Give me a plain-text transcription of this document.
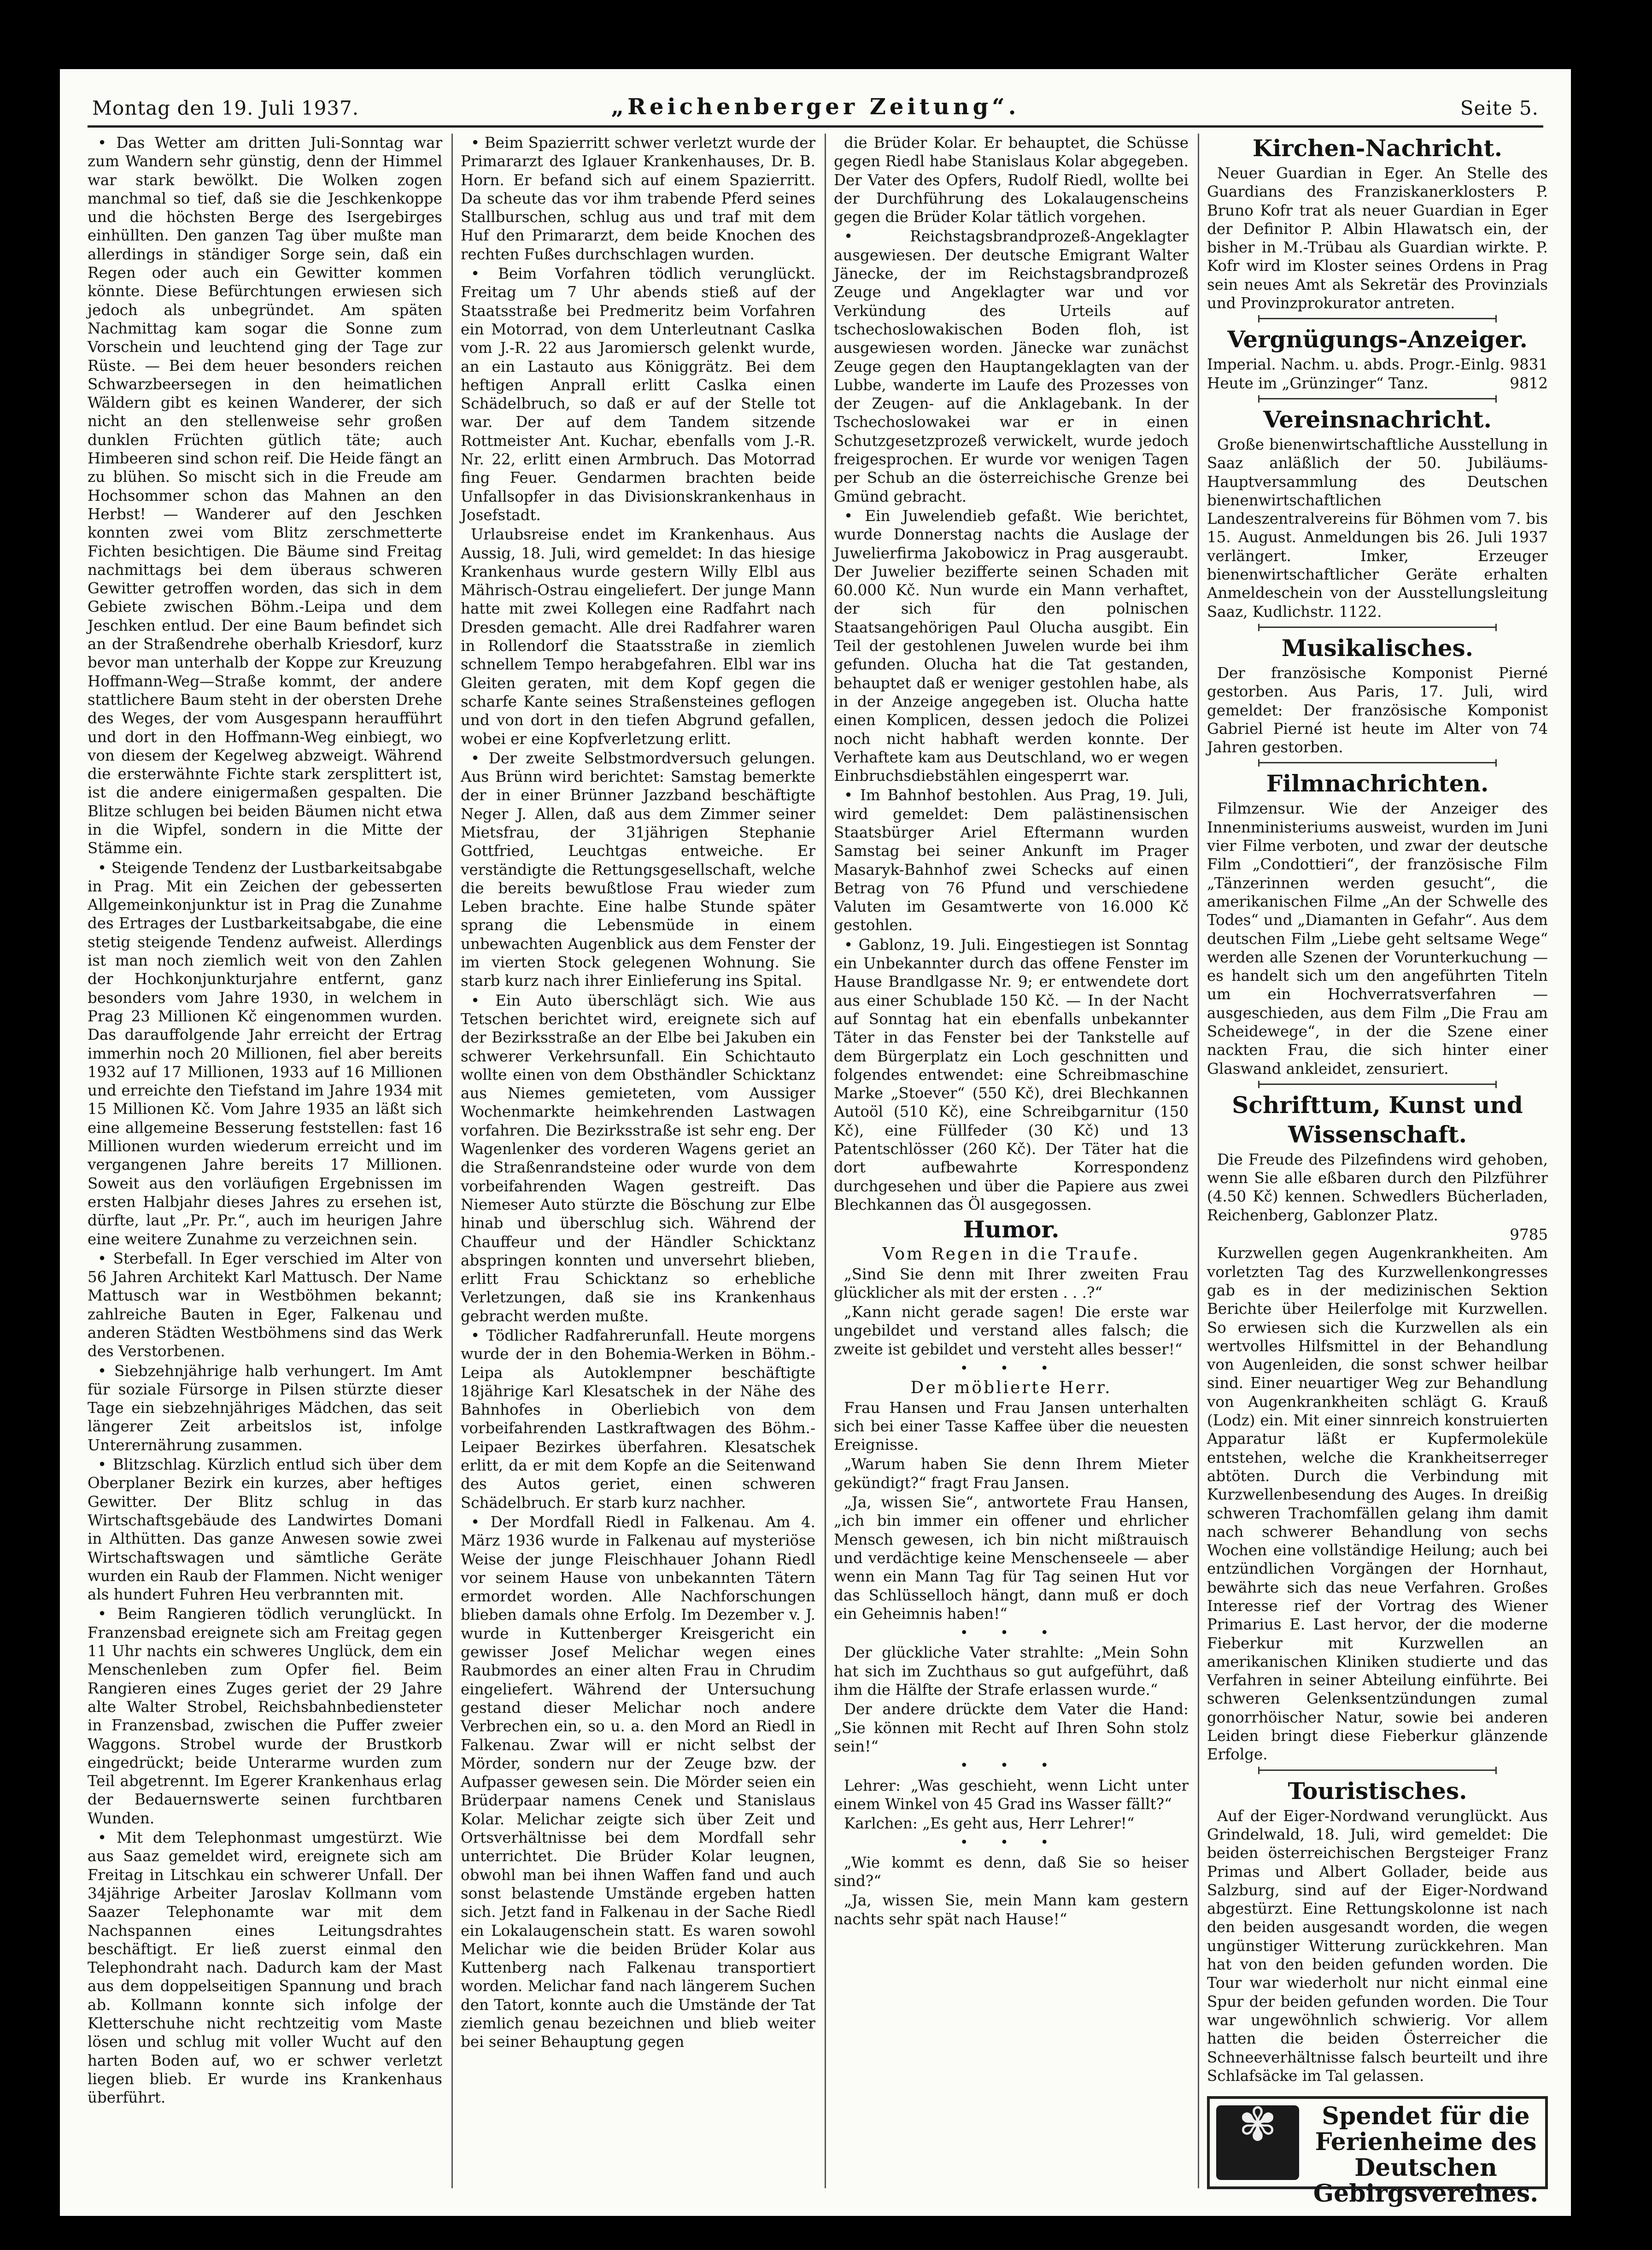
Montag den 19. Juli 1937.	„Reichenberger Zeitung“.	Seite 5.

• Das Wetter am dritten Juli-Sonntag war zum Wandern sehr günstig, denn der Himmel war stark bewölkt. Die Wolken zogen manchmal so tief, daß sie die Jeschkenkoppe und die höchsten Berge des Isergebirges einhüllten. Den ganzen Tag über mußte man allerdings in ständiger Sorge sein, daß ein Regen oder auch ein Gewitter kommen könnte. Diese Befürchtungen erwiesen sich jedoch als unbegründet. Am späten Nachmittag kam sogar die Sonne zum Vorschein und leuchtend ging der Tage zur Rüste. — Bei dem heuer besonders reichen Schwarzbeersegen in den heimatlichen Wäldern gibt es keinen Wanderer, der sich nicht an den stellenweise sehr großen dunklen Früchten gütlich täte; auch Himbeeren sind schon reif. Die Heide fängt an zu blühen. So mischt sich in die Freude am Hochsommer schon das Mahnen an den Herbst! — Wanderer auf den Jeschken konnten zwei vom Blitz zerschmetterte Fichten besichtigen. Die Bäume sind Freitag nachmittags bei dem überaus schweren Gewitter getroffen worden, das sich in dem Gebiete zwischen Böhm.-Leipa und dem Jeschken entlud. Der eine Baum befindet sich an der Straßendrehe oberhalb Kriesdorf, kurz bevor man unterhalb der Koppe zur Kreuzung Hoffmann-Weg—Straße kommt, der andere stattlichere Baum steht in der obersten Drehe des Weges, der vom Ausgespann heraufführt und dort in den Hoffmann-Weg einbiegt, wo von diesem der Kegelweg abzweigt. Während die ersterwähnte Fichte stark zersplittert ist, ist die andere einigermaßen gespalten. Die Blitze schlugen bei beiden Bäumen nicht etwa in die Wipfel, sondern in die Mitte der Stämme ein.

• Steigende Tendenz der Lustbarkeitsabgabe in Prag. Mit ein Zeichen der gebesserten Allgemeinkonjunktur ist in Prag die Zunahme des Ertrages der Lustbarkeitsabgabe, die eine stetig steigende Tendenz aufweist. Allerdings ist man noch ziemlich weit von den Zahlen der Hochkonjunkturjahre entfernt, ganz besonders vom Jahre 1930, in welchem in Prag 23 Millionen Kč eingenommen wurden. Das darauffolgende Jahr erreicht der Ertrag immerhin noch 20 Millionen, fiel aber bereits 1932 auf 17 Millionen, 1933 auf 16 Millionen und erreichte den Tiefstand im Jahre 1934 mit 15 Millionen Kč. Vom Jahre 1935 an läßt sich eine allgemeine Besserung feststellen: fast 16 Millionen wurden wiederum erreicht und im vergangenen Jahre bereits 17 Millionen. Soweit aus den vorläufigen Ergebnissen im ersten Halbjahr dieses Jahres zu ersehen ist, dürfte, laut „Pr. Pr.“, auch im heurigen Jahre eine weitere Zunahme zu verzeichnen sein.

• Sterbefall. In Eger verschied im Alter von 56 Jahren Architekt Karl Mattusch. Der Name Mattusch war in Westböhmen bekannt; zahlreiche Bauten in Eger, Falkenau und anderen Städten Westböhmens sind das Werk des Verstorbenen.

• Siebzehnjährige halb verhungert. Im Amt für soziale Fürsorge in Pilsen stürzte dieser Tage ein siebzehnjähriges Mädchen, das seit längerer Zeit arbeitslos ist, infolge Unterernährung zusammen.

• Blitzschlag. Kürzlich entlud sich über dem Oberplaner Bezirk ein kurzes, aber heftiges Gewitter. Der Blitz schlug in das Wirtschaftsgebäude des Landwirtes Domani in Althütten. Das ganze Anwesen sowie zwei Wirtschaftswagen und sämtliche Geräte wurden ein Raub der Flammen. Nicht weniger als hundert Fuhren Heu verbrannten mit.

• Beim Rangieren tödlich verunglückt. In Franzensbad ereignete sich am Freitag gegen 11 Uhr nachts ein schweres Unglück, dem ein Menschenleben zum Opfer fiel. Beim Rangieren eines Zuges geriet der 29 Jahre alte Walter Strobel, Reichsbahnbediensteter in Franzensbad, zwischen die Puffer zweier Waggons. Strobel wurde der Brustkorb eingedrückt; beide Unterarme wurden zum Teil abgetrennt. Im Egerer Krankenhaus erlag der Bedauernswerte seinen furchtbaren Wunden.

• Mit dem Telephonmast umgestürzt. Wie aus Saaz gemeldet wird, ereignete sich am Freitag in Litschkau ein schwerer Unfall. Der 34jährige Arbeiter Jaroslav Kollmann vom Saazer Telephonamte war mit dem Nachspannen eines Leitungsdrahtes beschäftigt. Er ließ zuerst einmal den Telephondraht nach. Dadurch kam der Mast aus dem doppelseitigen Spannung und brach ab. Kollmann konnte sich infolge der Kletterschuhe nicht rechtzeitig vom Maste lösen und schlug mit voller Wucht auf den harten Boden auf, wo er schwer verletzt liegen blieb. Er wurde ins Krankenhaus überführt.

• Beim Spazierritt schwer verletzt wurde der Primararzt des Iglauer Krankenhauses, Dr. B. Horn. Er befand sich auf einem Spazierritt. Da scheute das vor ihm trabende Pferd seines Stallburschen, schlug aus und traf mit dem Huf den Primararzt, dem beide Knochen des rechten Fußes durchschlagen wurden.

• Beim Vorfahren tödlich verunglückt. Freitag um 7 Uhr abends stieß auf der Staatsstraße bei Predmeritz beim Vorfahren ein Motorrad, von dem Unterleutnant Caslka vom J.-R. 22 aus Jaromiersch gelenkt wurde, an ein Lastauto aus Königgrätz. Bei dem heftigen Anprall erlitt Caslka einen Schädelbruch, so daß er auf der Stelle tot war. Der auf dem Tandem sitzende Rottmeister Ant. Kuchar, ebenfalls vom J.-R. Nr. 22, erlitt einen Armbruch. Das Motorrad fing Feuer. Gendarmen brachten beide Unfallsopfer in das Divisionskrankenhaus in Josefstadt.

Urlaubsreise endet im Krankenhaus. Aus Aussig, 18. Juli, wird gemeldet: In das hiesige Krankenhaus wurde gestern Willy Elbl aus Mährisch-Ostrau eingeliefert. Der junge Mann hatte mit zwei Kollegen eine Radfahrt nach Dresden gemacht. Alle drei Radfahrer waren in Rollendorf die Staatsstraße in ziemlich schnellem Tempo herabgefahren. Elbl war ins Gleiten geraten, mit dem Kopf gegen die scharfe Kante seines Straßensteines geflogen und von dort in den tiefen Abgrund gefallen, wobei er eine Kopfverletzung erlitt.

• Der zweite Selbstmordversuch gelungen. Aus Brünn wird berichtet: Samstag bemerkte der in einer Brünner Jazzband beschäftigte Neger J. Allen, daß aus dem Zimmer seiner Mietsfrau, der 31jährigen Stephanie Gottfried, Leuchtgas entweiche. Er verständigte die Rettungsgesellschaft, welche die bereits bewußtlose Frau wieder zum Leben brachte. Eine halbe Stunde später sprang die Lebensmüde in einem unbewachten Augenblick aus dem Fenster der im vierten Stock gelegenen Wohnung. Sie starb kurz nach ihrer Einlieferung ins Spital.

• Ein Auto überschlägt sich. Wie aus Tetschen berichtet wird, ereignete sich auf der Bezirksstraße an der Elbe bei Jakuben ein schwerer Verkehrsunfall. Ein Schichtauto wollte einen von dem Obsthändler Schicktanz aus Niemes gemieteten, vom Aussiger Wochenmarkte heimkehrenden Lastwagen vorfahren. Die Bezirksstraße ist sehr eng. Der Wagenlenker des vorderen Wagens geriet an die Straßenrandsteine oder wurde von dem vorbeifahrenden Wagen gestreift. Das Niemeser Auto stürzte die Böschung zur Elbe hinab und überschlug sich. Während der Chauffeur und der Händler Schicktanz abspringen konnten und unversehrt blieben, erlitt Frau Schicktanz so erhebliche Verletzungen, daß sie ins Krankenhaus gebracht werden mußte.

• Tödlicher Radfahrerunfall. Heute morgens wurde der in den Bohemia-Werken in Böhm.-Leipa als Autoklempner beschäftigte 18jährige Karl Klesatschek in der Nähe des Bahnhofes in Oberliebich von dem vorbeifahrenden Lastkraftwagen des Böhm.-Leipaer Bezirkes überfahren. Klesatschek erlitt, da er mit dem Kopfe an die Seitenwand des Autos geriet, einen schweren Schädelbruch. Er starb kurz nachher.

• Der Mordfall Riedl in Falkenau. Am 4. März 1936 wurde in Falkenau auf mysteriöse Weise der junge Fleischhauer Johann Riedl vor seinem Hause von unbekannten Tätern ermordet worden. Alle Nachforschungen blieben damals ohne Erfolg. Im Dezember v. J. wurde in Kuttenberger Kreisgericht ein gewisser Josef Melichar wegen eines Raubmordes an einer alten Frau in Chrudim eingeliefert. Während der Untersuchung gestand dieser Melichar noch andere Verbrechen ein, so u. a. den Mord an Riedl in Falkenau. Zwar will er nicht selbst der Mörder, sondern nur der Zeuge bzw. der Aufpasser gewesen sein. Die Mörder seien ein Brüderpaar namens Cenek und Stanislaus Kolar. Melichar zeigte sich über Zeit und Ortsverhältnisse bei dem Mordfall sehr unterrichtet. Die Brüder Kolar leugnen, obwohl man bei ihnen Waffen fand und auch sonst belastende Umstände ergeben hatten sich. Jetzt fand in Falkenau in der Sache Riedl ein Lokalaugenschein statt. Es waren sowohl Melichar wie die beiden Brüder Kolar aus Kuttenberg nach Falkenau transportiert worden. Melichar fand nach längerem Suchen den Tatort, konnte auch die Umstände der Tat ziemlich genau bezeichnen und blieb weiter bei seiner Behauptung gegen

die Brüder Kolar. Er behauptet, die Schüsse gegen Riedl habe Stanislaus Kolar abgegeben. Der Vater des Opfers, Rudolf Riedl, wollte bei der Durchführung des Lokalaugenscheins gegen die Brüder Kolar tätlich vorgehen.

• Reichstagsbrandprozeß-Angeklagter ausgewiesen. Der deutsche Emigrant Walter Jänecke, der im Reichstagsbrandprozeß Zeuge und Angeklagter war und vor Verkündung des Urteils auf tschechoslowakischen Boden floh, ist ausgewiesen worden. Jänecke war zunächst Zeuge gegen den Hauptangeklagten van der Lubbe, wanderte im Laufe des Prozesses von der Zeugen- auf die Anklagebank. In der Tschechoslowakei war er in einen Schutzgesetzprozeß verwickelt, wurde jedoch freigesprochen. Er wurde vor wenigen Tagen per Schub an die österreichische Grenze bei Gmünd gebracht.

• Ein Juwelendieb gefaßt. Wie berichtet, wurde Donnerstag nachts die Auslage der Juwelierfirma Jakobowicz in Prag ausgeraubt. Der Juwelier bezifferte seinen Schaden mit 60.000 Kč. Nun wurde ein Mann verhaftet, der sich für den polnischen Staatsangehörigen Paul Olucha ausgibt. Ein Teil der gestohlenen Juwelen wurde bei ihm gefunden. Olucha hat die Tat gestanden, behauptet daß er weniger gestohlen habe, als in der Anzeige angegeben ist. Olucha hatte einen Komplicen, dessen jedoch die Polizei noch nicht habhaft werden konnte. Der Verhaftete kam aus Deutschland, wo er wegen Einbruchsdiebstählen eingesperrt war.

• Im Bahnhof bestohlen. Aus Prag, 19. Juli, wird gemeldet: Dem palästinensischen Staatsbürger Ariel Eftermann wurden Samstag bei seiner Ankunft im Prager Masaryk-Bahnhof zwei Schecks auf einen Betrag von 76 Pfund und verschiedene Valuten im Gesamtwerte von 16.000 Kč gestohlen.

• Gablonz, 19. Juli. Eingestiegen ist Sonntag ein Unbekannter durch das offene Fenster im Hause Brandlgasse Nr. 9; er entwendete dort aus einer Schublade 150 Kč. — In der Nacht auf Sonntag hat ein ebenfalls unbekannter Täter in das Fenster bei der Tankstelle auf dem Bürgerplatz ein Loch geschnitten und folgendes entwendet: eine Schreibmaschine Marke „Stoever“ (550 Kč), drei Blechkannen Autoöl (510 Kč), eine Schreibgarnitur (150 Kč), eine Füllfeder (30 Kč) und 13 Patentschlösser (260 Kč). Der Täter hat die dort aufbewahrte Korrespondenz durchgesehen und über die Papiere aus zwei Blechkannen das Öl ausgegossen.

Humor.

Vom Regen in die Traufe.

„Sind Sie denn mit Ihrer zweiten Frau glücklicher als mit der ersten . . .?“

„Kann nicht gerade sagen! Die erste war ungebildet und verstand alles falsch; die zweite ist gebildet und versteht alles besser!“

• • •

Der möblierte Herr.

Frau Hansen und Frau Jansen unterhalten sich bei einer Tasse Kaffee über die neuesten Ereignisse.

„Warum haben Sie denn Ihrem Mieter gekündigt?“ fragt Frau Jansen.

„Ja, wissen Sie“, antwortete Frau Hansen, „ich bin immer ein offener und ehrlicher Mensch gewesen, ich bin nicht mißtrauisch und verdächtige keine Menschenseele — aber wenn ein Mann Tag für Tag seinen Hut vor das Schlüsselloch hängt, dann muß er doch ein Geheimnis haben!“

• • •

Der glückliche Vater strahlte: „Mein Sohn hat sich im Zuchthaus so gut aufgeführt, daß ihm die Hälfte der Strafe erlassen wurde.“

Der andere drückte dem Vater die Hand: „Sie können mit Recht auf Ihren Sohn stolz sein!“

• • •

Lehrer: „Was geschieht, wenn Licht unter einem Winkel von 45 Grad ins Wasser fällt?“

Karlchen: „Es geht aus, Herr Lehrer!“

• • •

„Wie kommt es denn, daß Sie so heiser sind?“

„Ja, wissen Sie, mein Mann kam gestern nachts sehr spät nach Hause!“

Kirchen-Nachricht.

Neuer Guardian in Eger. An Stelle des Guardians des Franziskanerklosters P. Bruno Kofr trat als neuer Guardian in Eger der Definitor P. Albin Hlawatsch ein, der bisher in M.-Trübau als Guardian wirkte. P. Kofr wird im Kloster seines Ordens in Prag sein neues Amt als Sekretär des Provinzials und Provinzprokurator antreten.

Vergnügungs-Anzeiger.

Imperial. Nachm. u. abds. Progr.-Einlg. 9831
Heute im „Grünzinger“ Tanz.	9812

Vereinsnachricht.

Große bienenwirtschaftliche Ausstellung in Saaz anläßlich der 50. Jubiläums-Hauptversammlung des Deutschen bienenwirtschaftlichen Landeszentralvereins für Böhmen vom 7. bis 15. August. Anmeldungen bis 26. Juli 1937 verlängert. Imker, Erzeuger bienenwirtschaftlicher Geräte erhalten Anmeldeschein von der Ausstellungsleitung Saaz, Kudlichstr. 1122.

Musikalisches.

Der französische Komponist Pierné gestorben. Aus Paris, 17. Juli, wird gemeldet: Der französische Komponist Gabriel Pierné ist heute im Alter von 74 Jahren gestorben.

Filmnachrichten.

Filmzensur. Wie der Anzeiger des Innenministeriums ausweist, wurden im Juni vier Filme verboten, und zwar der deutsche Film „Condottieri“, der französische Film „Tänzerinnen werden gesucht“, die amerikanischen Filme „An der Schwelle des Todes“ und „Diamanten in Gefahr“. Aus dem deutschen Film „Liebe geht seltsame Wege“ werden alle Szenen der Vorunterkuchung — es handelt sich um den angeführten Titeln um ein Hochverratsverfahren — ausgeschieden, aus dem Film „Die Frau am Scheidewege“, in der die Szene einer nackten Frau, die sich hinter einer Glaswand ankleidet, zensuriert.

Schrifttum, Kunst und Wissenschaft.

Die Freude des Pilzefindens wird gehoben, wenn Sie alle eßbaren durch den Pilzführer (4.50 Kč) kennen. Schwedlers Bücherladen, Reichenberg, Gablonzer Platz.

9785

Kurzwellen gegen Augenkrankheiten. Am vorletzten Tag des Kurzwellenkongresses gab es in der medizinischen Sektion Berichte über Heilerfolge mit Kurzwellen. So erwiesen sich die Kurzwellen als ein wertvolles Hilfsmittel in der Behandlung von Augenleiden, die sonst schwer heilbar sind. Einer neuartiger Weg zur Behandlung von Augenkrankheiten schlägt G. Krauß (Lodz) ein. Mit einer sinnreich konstruierten Apparatur läßt er Kupfermoleküle entstehen, welche die Krankheitserreger abtöten. Durch die Verbindung mit Kurzwellenbesendung des Auges. In dreißig schweren Trachomfällen gelang ihm damit nach schwerer Behandlung von sechs Wochen eine vollständige Heilung; auch bei entzündlichen Vorgängen der Hornhaut, bewährte sich das neue Verfahren. Großes Interesse rief der Vortrag des Wiener Primarius E. Last hervor, der die moderne Fieberkur mit Kurzwellen an amerikanischen Kliniken studierte und das Verfahren in seiner Abteilung einführte. Bei schweren Gelenksentzündungen zumal gonorrhöischer Natur, sowie bei anderen Leiden bringt diese Fieberkur glänzende Erfolge.

Touristisches.

Auf der Eiger-Nordwand verunglückt. Aus Grindelwald, 18. Juli, wird gemeldet: Die beiden österreichischen Bergsteiger Franz Primas und Albert Gollader, beide aus Salzburg, sind auf der Eiger-Nordwand abgestürzt. Eine Rettungskolonne ist nach den beiden ausgesandt worden, die wegen ungünstiger Witterung zurückkehren. Man hat von den beiden gefunden worden. Die Tour war wiederholt nur nicht einmal eine Spur der beiden gefunden worden. Die Tour war ungewöhnlich schwierig. Vor allem hatten die beiden Österreicher die Schneeverhältnisse falsch beurteilt und ihre Schlafsäcke im Tal gelassen.

✾
Spendet für die Ferienheime des Deutschen Gebirgsvereines.
